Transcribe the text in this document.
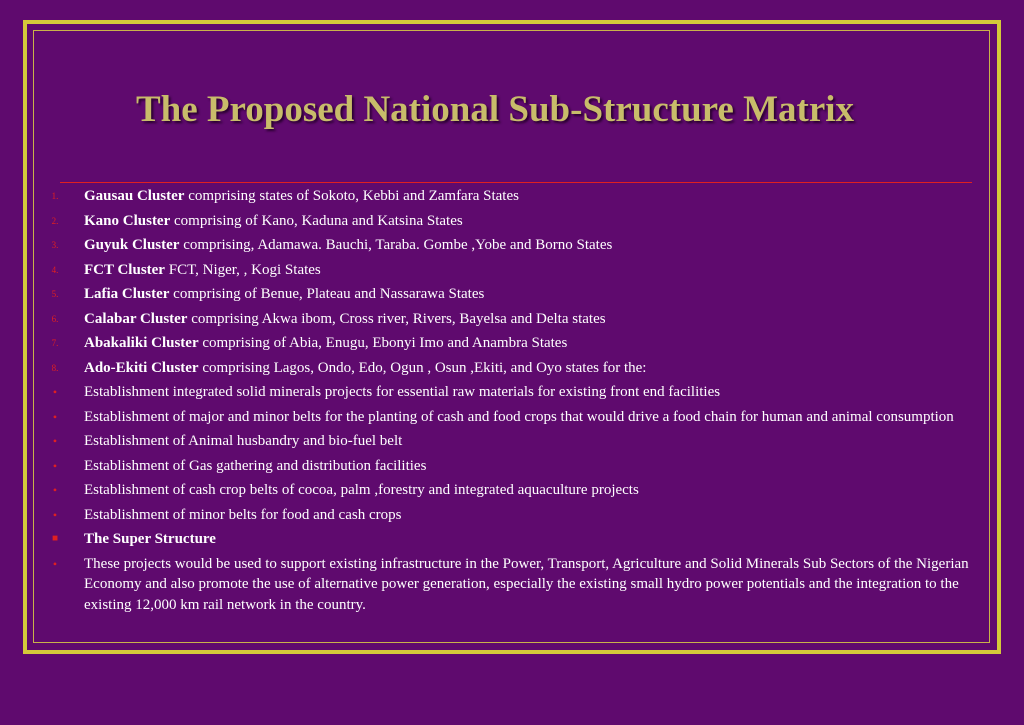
The Proposed National Sub-Structure Matrix
1.	Gausau Cluster comprising states of Sokoto, Kebbi and Zamfara States
2.	Kano Cluster comprising of Kano, Kaduna and Katsina States
3.	Guyuk Cluster comprising, Adamawa. Bauchi, Taraba. Gombe ,Yobe and Borno States
4.	FCT Cluster FCT, Niger, , Kogi States
5.	Lafia Cluster comprising of Benue, Plateau and Nassarawa States
6.	Calabar Cluster comprising Akwa ibom, Cross river, Rivers, Bayelsa and Delta states
7.	Abakaliki Cluster comprising of Abia, Enugu, Ebonyi Imo and Anambra States
8.	Ado-Ekiti Cluster comprising Lagos, Ondo, Edo, Ogun , Osun ,Ekiti, and Oyo states for the:
•	Establishment integrated solid minerals projects for essential raw materials for existing front end facilities
•	Establishment of major and minor belts for the planting of cash and food crops that would drive a food chain for human and animal consumption
•	Establishment of Animal husbandry and bio-fuel belt
•	Establishment of Gas gathering and distribution facilities
•	Establishment of cash crop belts of cocoa, palm ,forestry and integrated aquaculture projects
•	Establishment of minor belts for food and cash crops
■	The Super Structure
•	These projects would be used to support existing infrastructure in the Power, Transport, Agriculture and Solid Minerals Sub Sectors of the Nigerian Economy and also promote the use of alternative power generation, especially the existing small hydro power potentials and the integration to the existing 12,000 km rail network in the country.
